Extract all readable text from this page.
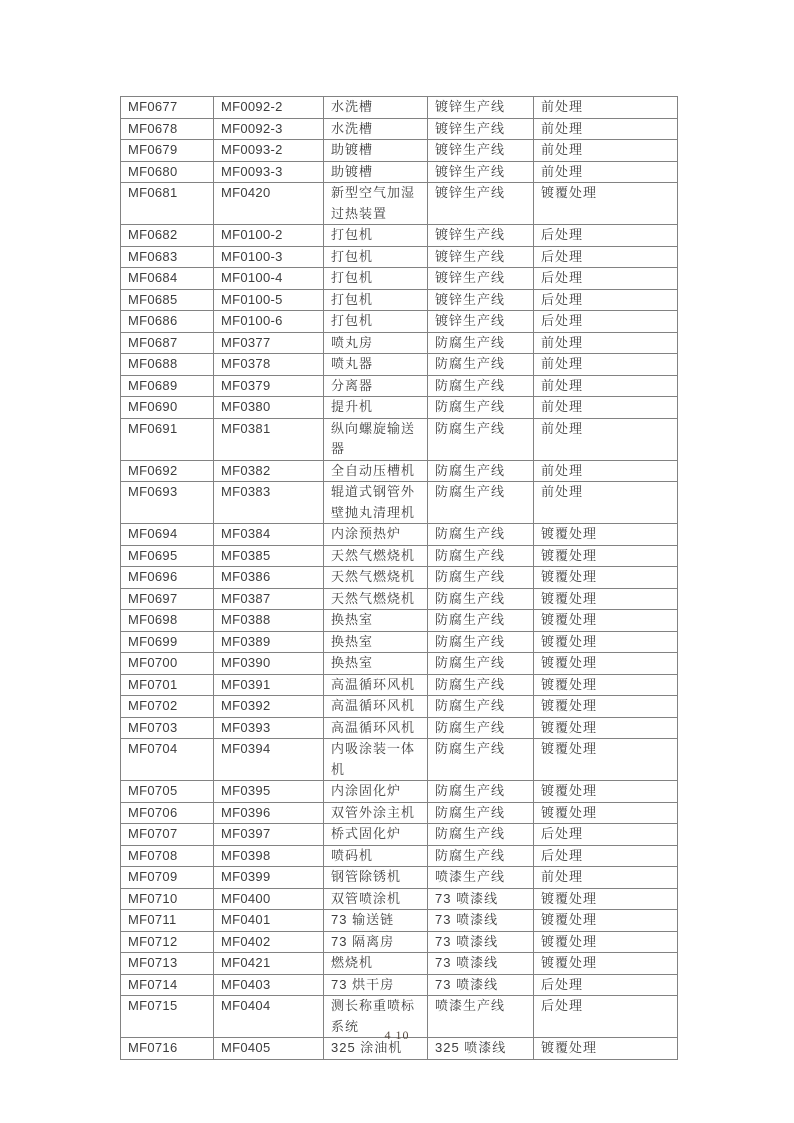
MF0677	MF0092-2	水洗槽	镀锌生产线	前处理
MF0678	MF0092-3	水洗槽	镀锌生产线	前处理
MF0679	MF0093-2	助镀槽	镀锌生产线	前处理
MF0680	MF0093-3	助镀槽	镀锌生产线	前处理
MF0681	MF0420	新型空气加湿过热装置	镀锌生产线	镀覆处理
MF0682	MF0100-2	打包机	镀锌生产线	后处理
MF0683	MF0100-3	打包机	镀锌生产线	后处理
MF0684	MF0100-4	打包机	镀锌生产线	后处理
MF0685	MF0100-5	打包机	镀锌生产线	后处理
MF0686	MF0100-6	打包机	镀锌生产线	后处理
MF0687	MF0377	喷丸房	防腐生产线	前处理
MF0688	MF0378	喷丸器	防腐生产线	前处理
MF0689	MF0379	分离器	防腐生产线	前处理
MF0690	MF0380	提升机	防腐生产线	前处理
MF0691	MF0381	纵向螺旋输送器	防腐生产线	前处理
MF0692	MF0382	全自动压槽机	防腐生产线	前处理
MF0693	MF0383	辊道式钢管外壁抛丸清理机	防腐生产线	前处理
MF0694	MF0384	内涂预热炉	防腐生产线	镀覆处理
MF0695	MF0385	天然气燃烧机	防腐生产线	镀覆处理
MF0696	MF0386	天然气燃烧机	防腐生产线	镀覆处理
MF0697	MF0387	天然气燃烧机	防腐生产线	镀覆处理
MF0698	MF0388	换热室	防腐生产线	镀覆处理
MF0699	MF0389	换热室	防腐生产线	镀覆处理
MF0700	MF0390	换热室	防腐生产线	镀覆处理
MF0701	MF0391	高温循环风机	防腐生产线	镀覆处理
MF0702	MF0392	高温循环风机	防腐生产线	镀覆处理
MF0703	MF0393	高温循环风机	防腐生产线	镀覆处理
MF0704	MF0394	内吸涂装一体机	防腐生产线	镀覆处理
MF0705	MF0395	内涂固化炉	防腐生产线	镀覆处理
MF0706	MF0396	双管外涂主机	防腐生产线	镀覆处理
MF0707	MF0397	桥式固化炉	防腐生产线	后处理
MF0708	MF0398	喷码机	防腐生产线	后处理
MF0709	MF0399	钢管除锈机	喷漆生产线	前处理
MF0710	MF0400	双管喷涂机	73 喷漆线	镀覆处理
MF0711	MF0401	73 输送链	73 喷漆线	镀覆处理
MF0712	MF0402	73 隔离房	73 喷漆线	镀覆处理
MF0713	MF0421	燃烧机	73 喷漆线	镀覆处理
MF0714	MF0403	73 烘干房	73 喷漆线	后处理
MF0715	MF0404	测长称重喷标系统	喷漆生产线	后处理
MF0716	MF0405	325 涂油机	325 喷漆线	镀覆处理
4 10
